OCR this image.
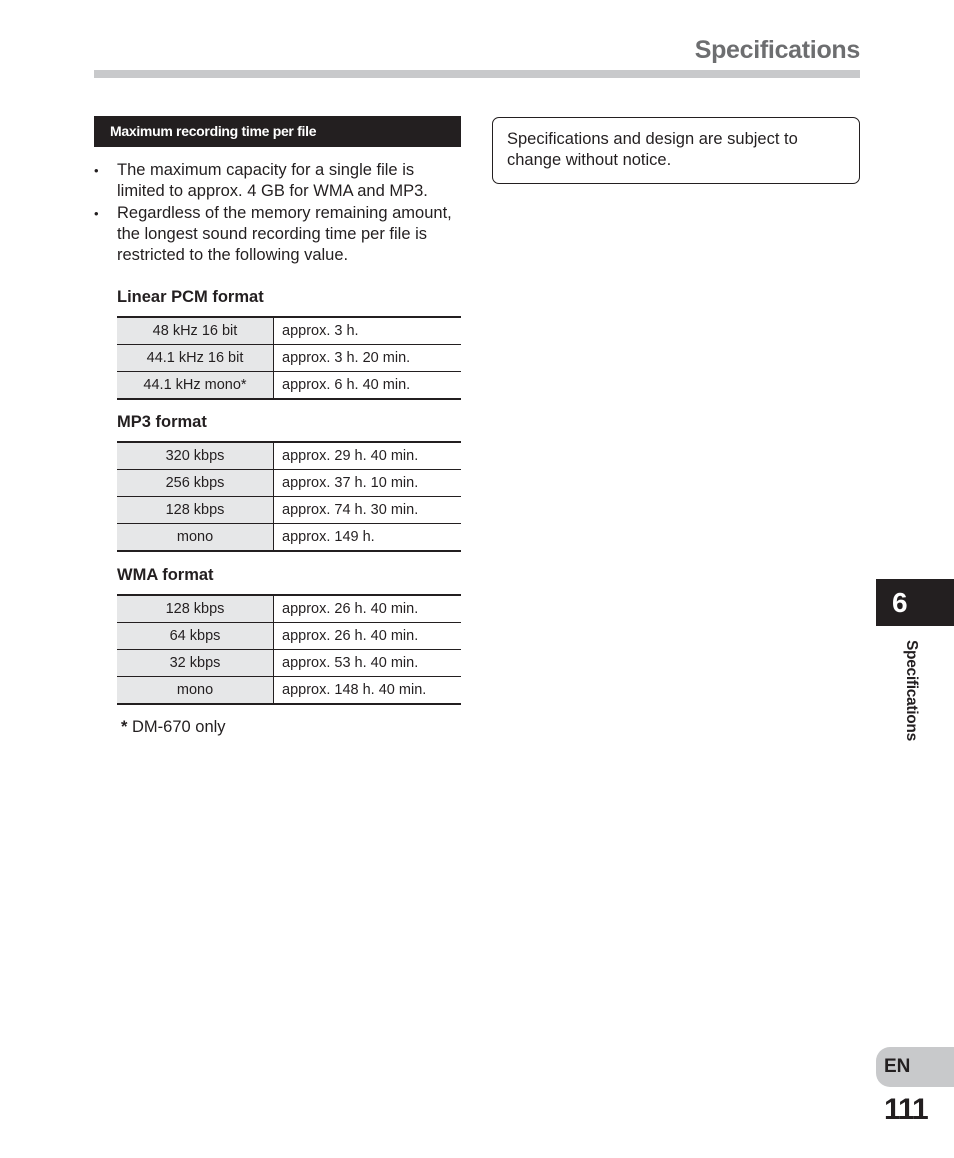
Specifications
Maximum recording time per file
• The maximum capacity for a single file is limited to approx. 4 GB for WMA and MP3.
• Regardless of the memory remaining amount, the longest sound recording time per file is restricted to the following value.
Linear PCM format
48 kHz 16 bit	approx. 3 h.
44.1 kHz 16 bit	approx. 3 h. 20 min.
44.1 kHz mono*	approx. 6 h. 40 min.
MP3 format
320 kbps	approx. 29 h. 40 min.
256 kbps	approx. 37 h. 10 min.
128 kbps	approx. 74 h. 30 min.
mono	approx. 149 h.
WMA format
128 kbps	approx. 26 h. 40 min.
64 kbps	approx. 26 h. 40 min.
32 kbps	approx. 53 h. 40 min.
mono	approx. 148 h. 40 min.
* DM-670 only
Specifications and design are subject to change without notice.
6
Specifications
EN
111
